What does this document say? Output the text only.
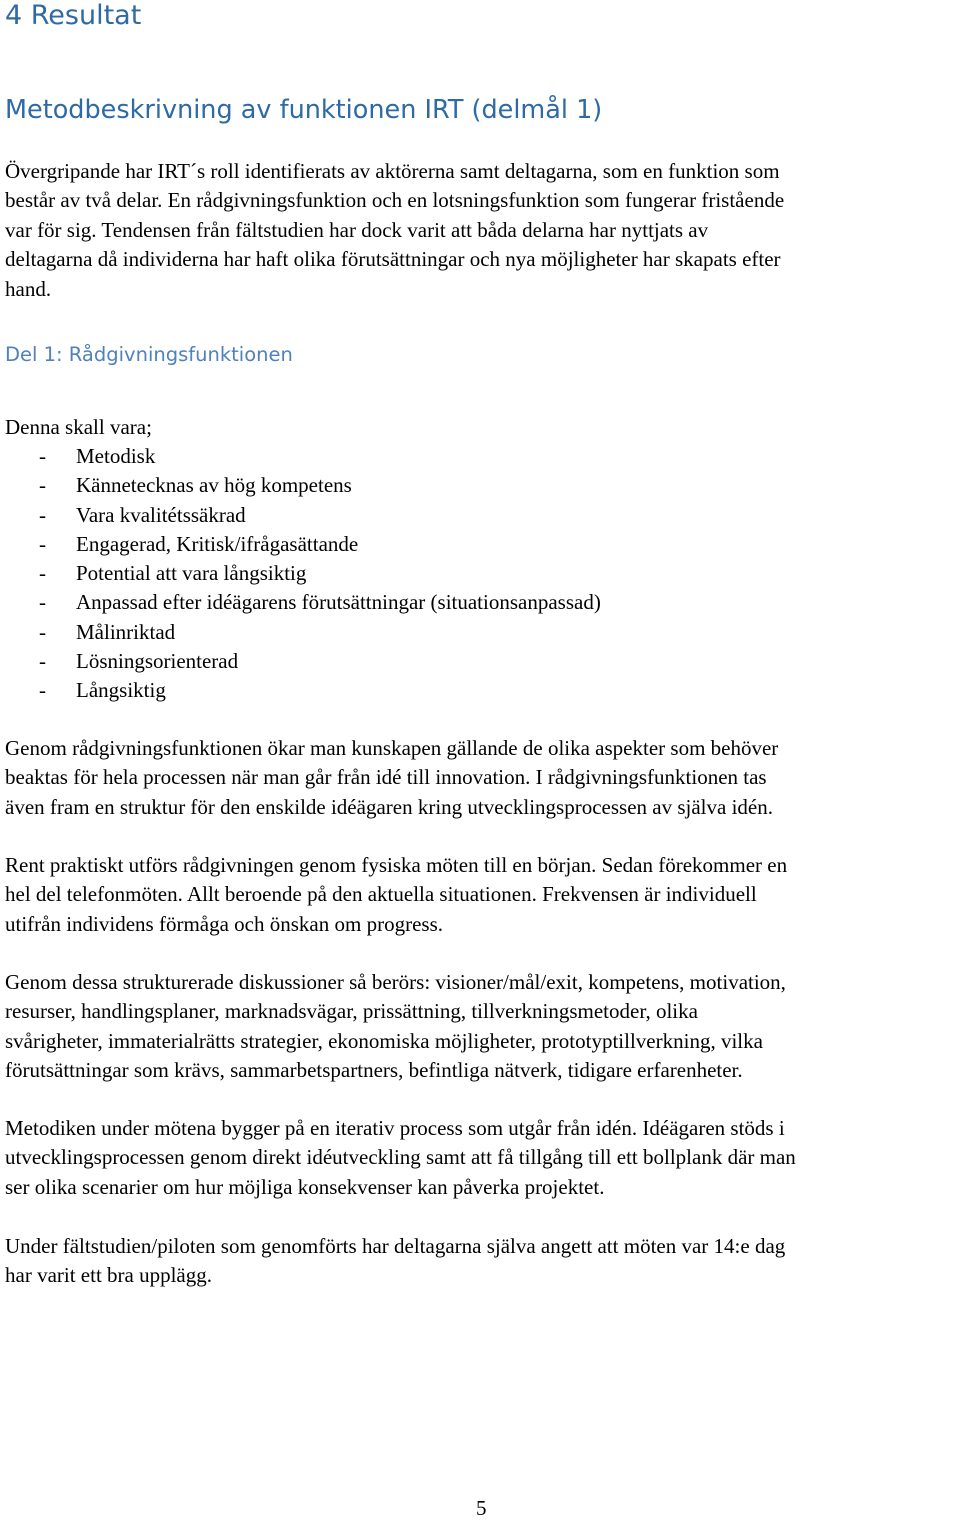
4 Resultat
Metodbeskrivning av funktionen IRT (delmål 1)

Övergripande har IRT´s roll identifierats av aktörerna samt deltagarna, som en funktion som
består av två delar. En rådgivningsfunktion och en lotsningsfunktion som fungerar fristående
var för sig. Tendensen från fältstudien har dock varit att båda delarna har nyttjats av
deltagarna då individerna har haft olika förutsättningar och nya möjligheter har skapats efter
hand.

Del 1: Rådgivningsfunktionen

Denna skall vara;

- Metodisk
- Kännetecknas av hög kompetens
- Vara kvalitétssäkrad
- Engagerad, Kritisk/ifrågasättande
- Potential att vara långsiktig
- Anpassad efter idéägarens förutsättningar (situationsanpassad)
- Målinriktad
- Lösningsorienterad
- Långsiktig

Genom rådgivningsfunktionen ökar man kunskapen gällande de olika aspekter som behöver
beaktas för hela processen när man går från idé till innovation. I rådgivningsfunktionen tas
även fram en struktur för den enskilde idéägaren kring utvecklingsprocessen av själva idén.

Rent praktiskt utförs rådgivningen genom fysiska möten till en början. Sedan förekommer en
hel del telefonmöten. Allt beroende på den aktuella situationen. Frekvensen är individuell
utifrån individens förmåga och önskan om progress.

Genom dessa strukturerade diskussioner så berörs: visioner/mål/exit, kompetens, motivation,
resurser, handlingsplaner, marknadsvägar, prissättning, tillverkningsmetoder, olika
svårigheter, immaterialrätts strategier, ekonomiska möjligheter, prototyptillverkning, vilka
förutsättningar som krävs, sammarbetspartners, befintliga nätverk, tidigare erfarenheter.

Metodiken under mötena bygger på en iterativ process som utgår från idén. Idéägaren stöds i
utvecklingsprocessen genom direkt idéutveckling samt att få tillgång till ett bollplank där man
ser olika scenarier om hur möjliga konsekvenser kan påverka projektet.

Under fältstudien/piloten som genomförts har deltagarna själva angett att möten var 14:e dag
har varit ett bra upplägg.

5
